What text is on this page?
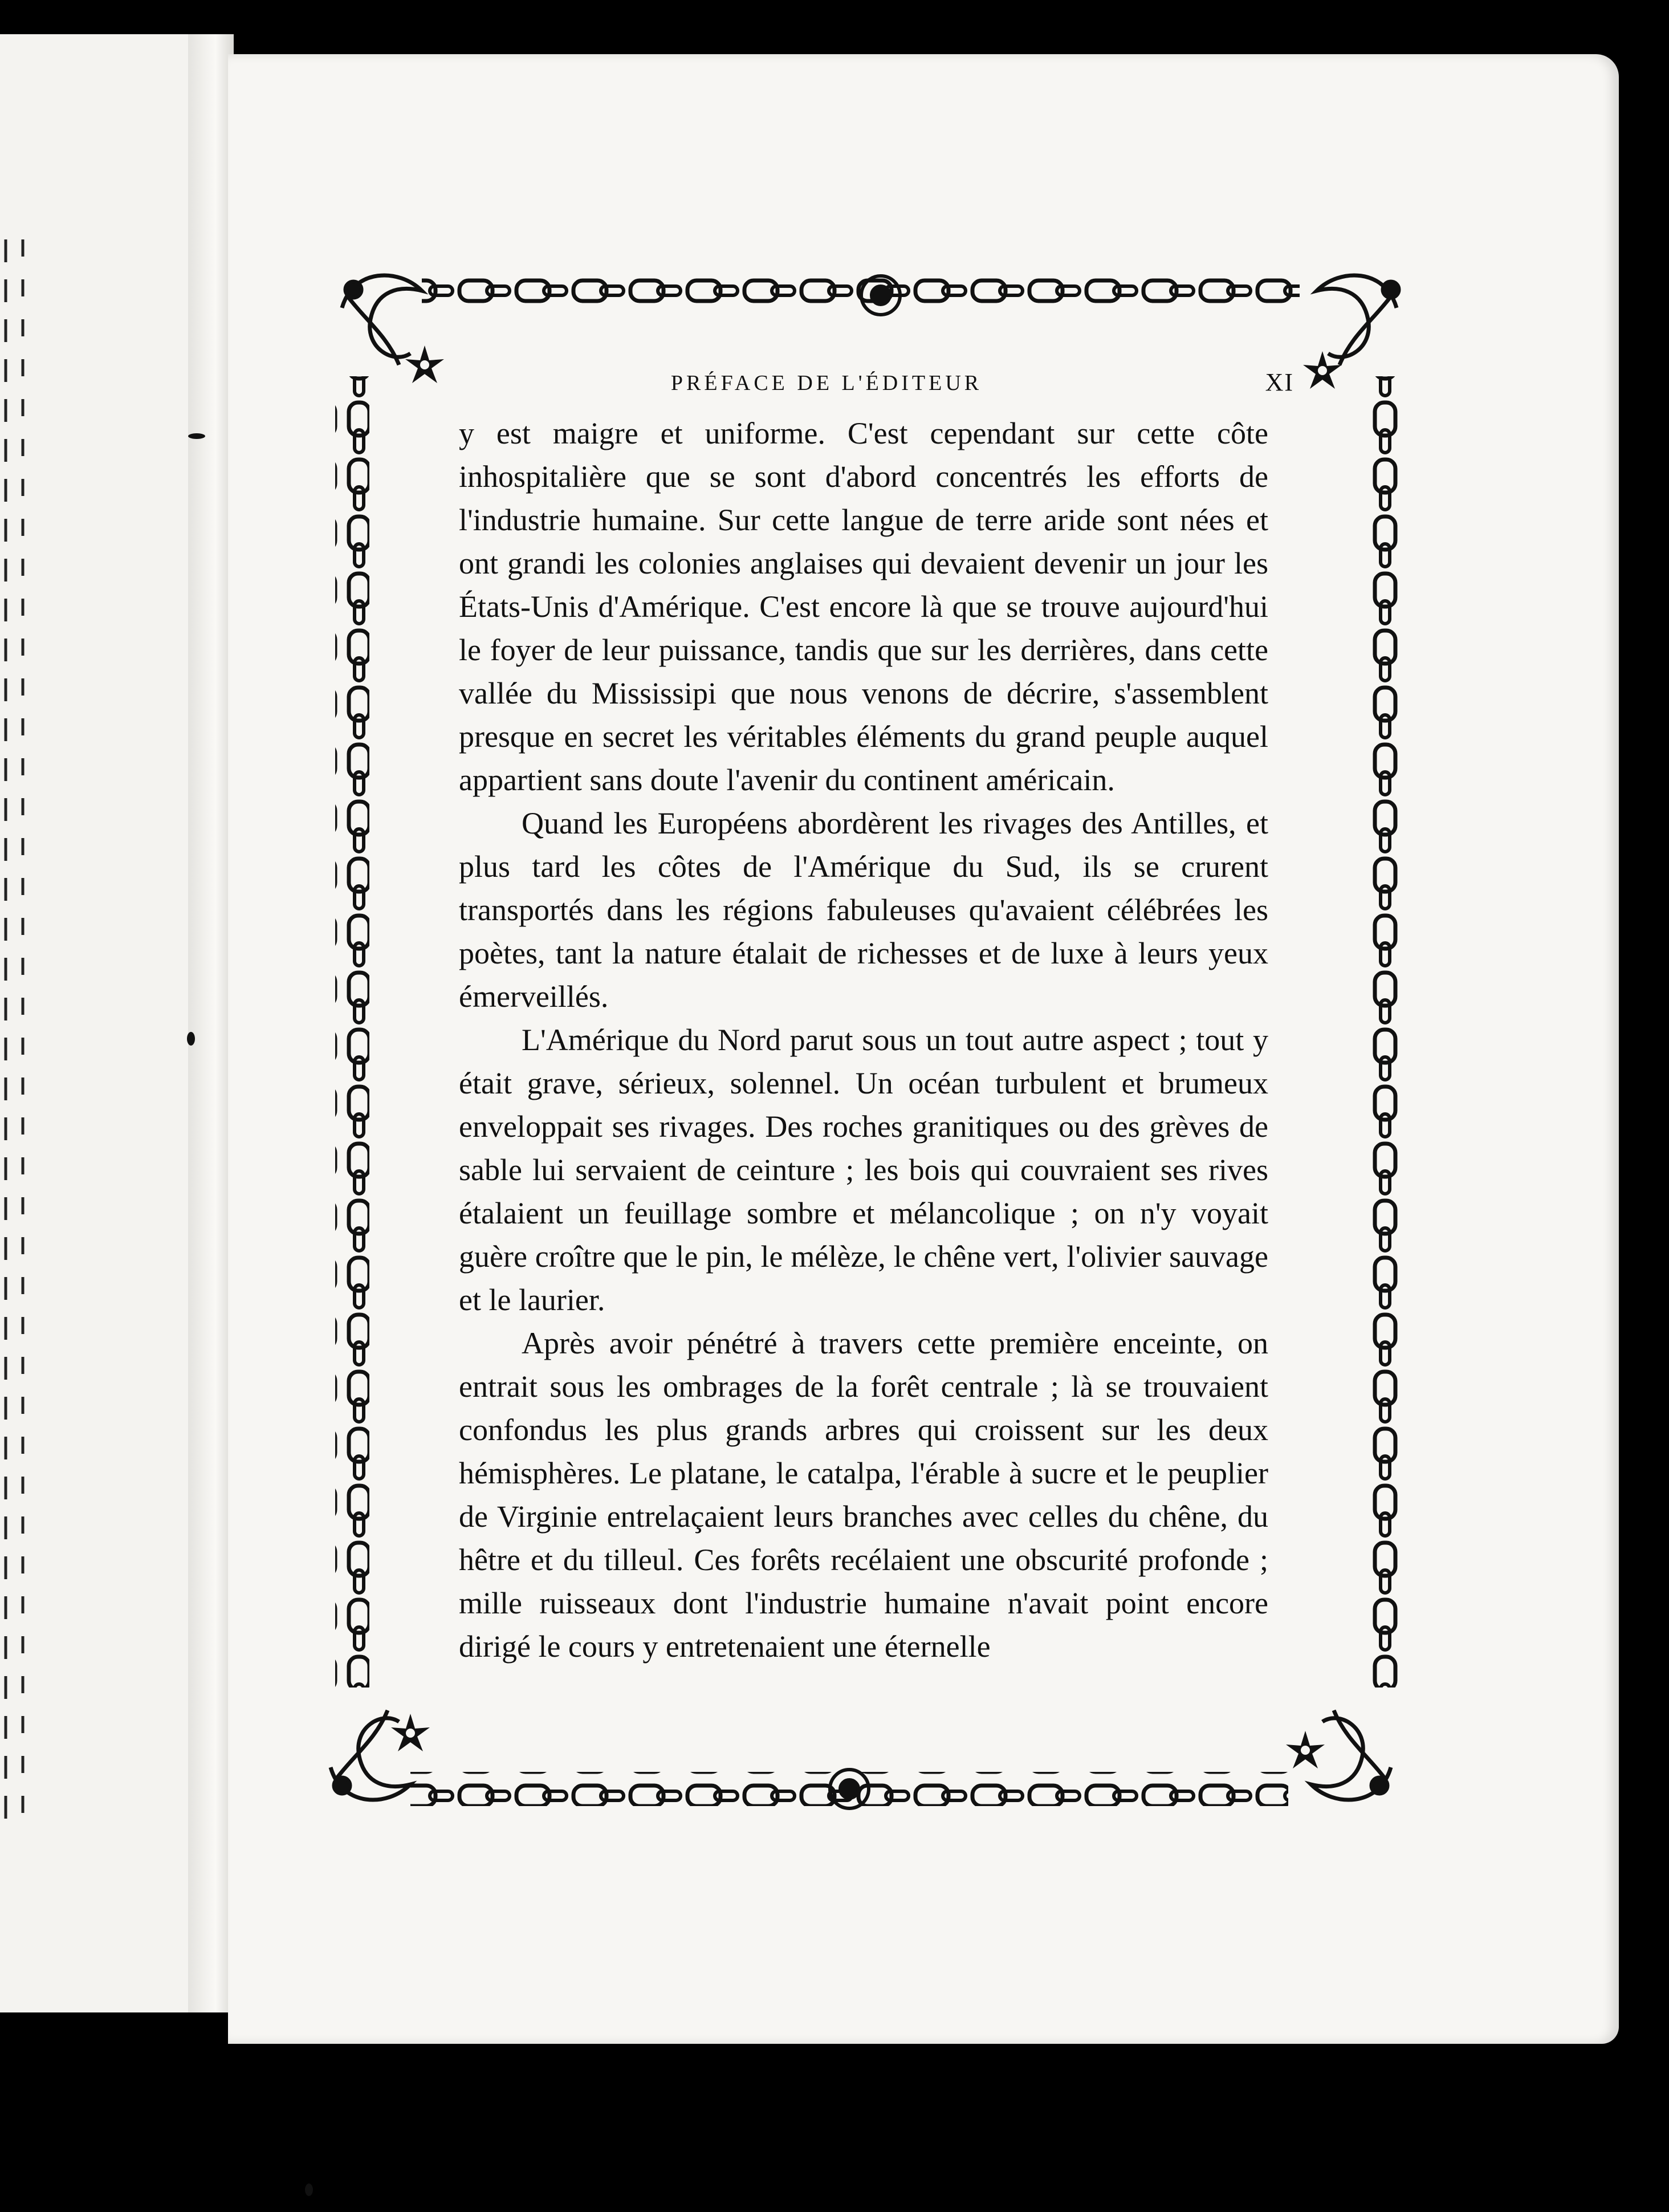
PRÉFACE DE L'ÉDITEUR	XI

y est maigre et uniforme. C'est cependant sur cette côte inhospitalière que se sont d'abord concentrés les efforts de l'industrie humaine. Sur cette langue de terre aride sont nées et ont grandi les colonies anglaises qui devaient devenir un jour les États-Unis d'Amérique. C'est encore là que se trouve aujourd'hui le foyer de leur puissance, tandis que sur les derrières, dans cette vallée du Mississipi que nous venons de décrire, s'assemblent presque en secret les véritables éléments du grand peuple auquel appartient sans doute l'avenir du continent américain.

Quand les Européens abordèrent les rivages des Antilles, et plus tard les côtes de l'Amérique du Sud, ils se crurent transportés dans les régions fabuleuses qu'avaient célébrées les poètes, tant la nature étalait de richesses et de luxe à leurs yeux émerveillés.

L'Amérique du Nord parut sous un tout autre aspect ; tout y était grave, sérieux, solennel. Un océan turbulent et brumeux enveloppait ses rivages. Des roches granitiques ou des grèves de sable lui servaient de ceinture ; les bois qui couvraient ses rives étalaient un feuillage sombre et mélancolique ; on n'y voyait guère croître que le pin, le mélèze, le chêne vert, l'olivier sauvage et le laurier.

Après avoir pénétré à travers cette première enceinte, on entrait sous les ombrages de la forêt centrale ; là se trouvaient confondus les plus grands arbres qui croissent sur les deux hémisphères. Le platane, le catalpa, l'érable à sucre et le peuplier de Virginie entrelaçaient leurs branches avec celles du chêne, du hêtre et du tilleul. Ces forêts recélaient une obscurité profonde ; mille ruisseaux dont l'industrie humaine n'avait point encore dirigé le cours y entretenaient une éternelle
